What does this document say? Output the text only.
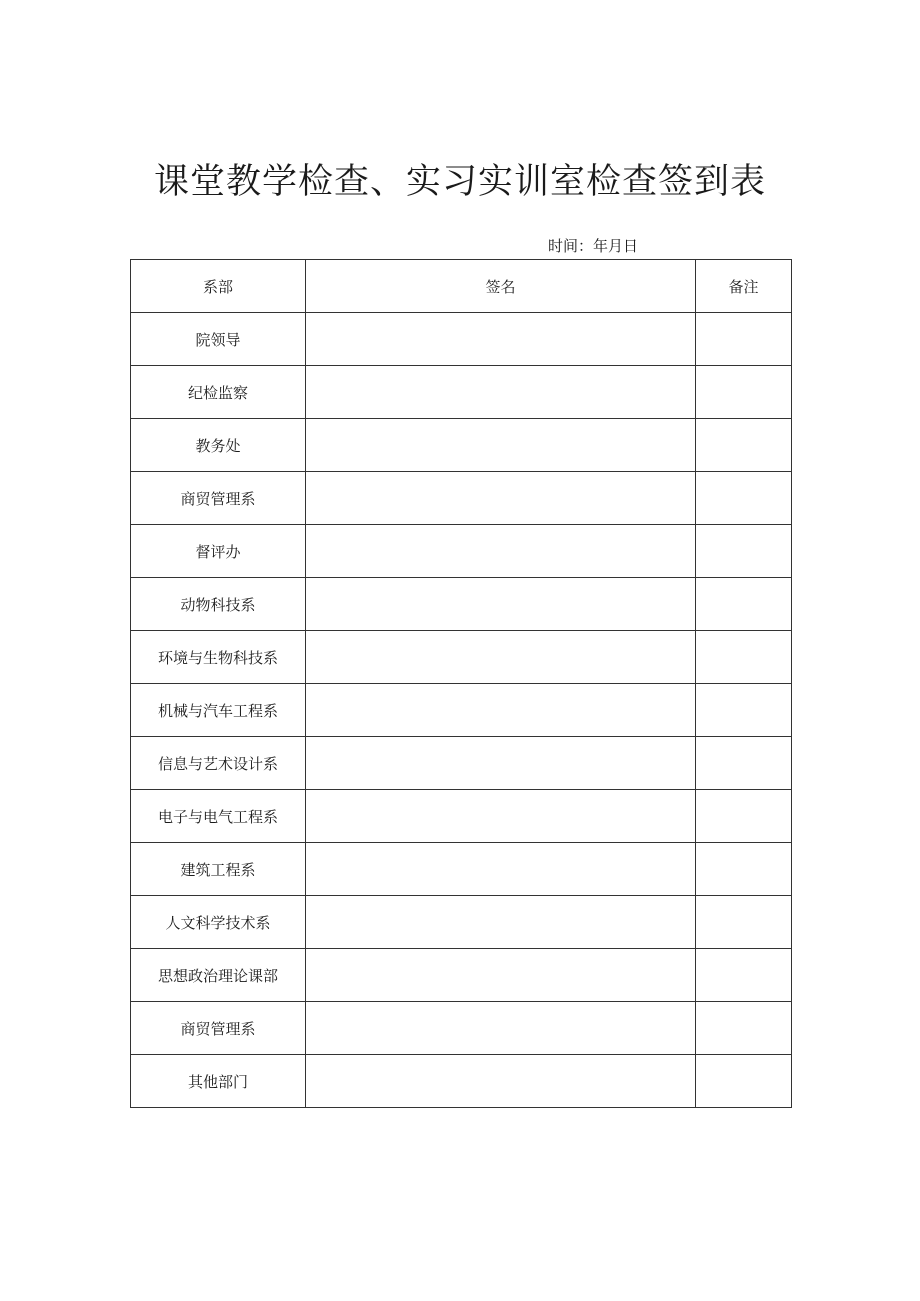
课堂教学检查、实习实训室检查签到表
时间：年月日
系部	签名	备注
院领导		
纪检监察		
教务处		
商贸管理系		
督评办		
动物科技系		
环境与生物科技系		
机械与汽车工程系		
信息与艺术设计系		
电子与电气工程系		
建筑工程系		
人文科学技术系		
思想政治理论课部		
商贸管理系		
其他部门		
